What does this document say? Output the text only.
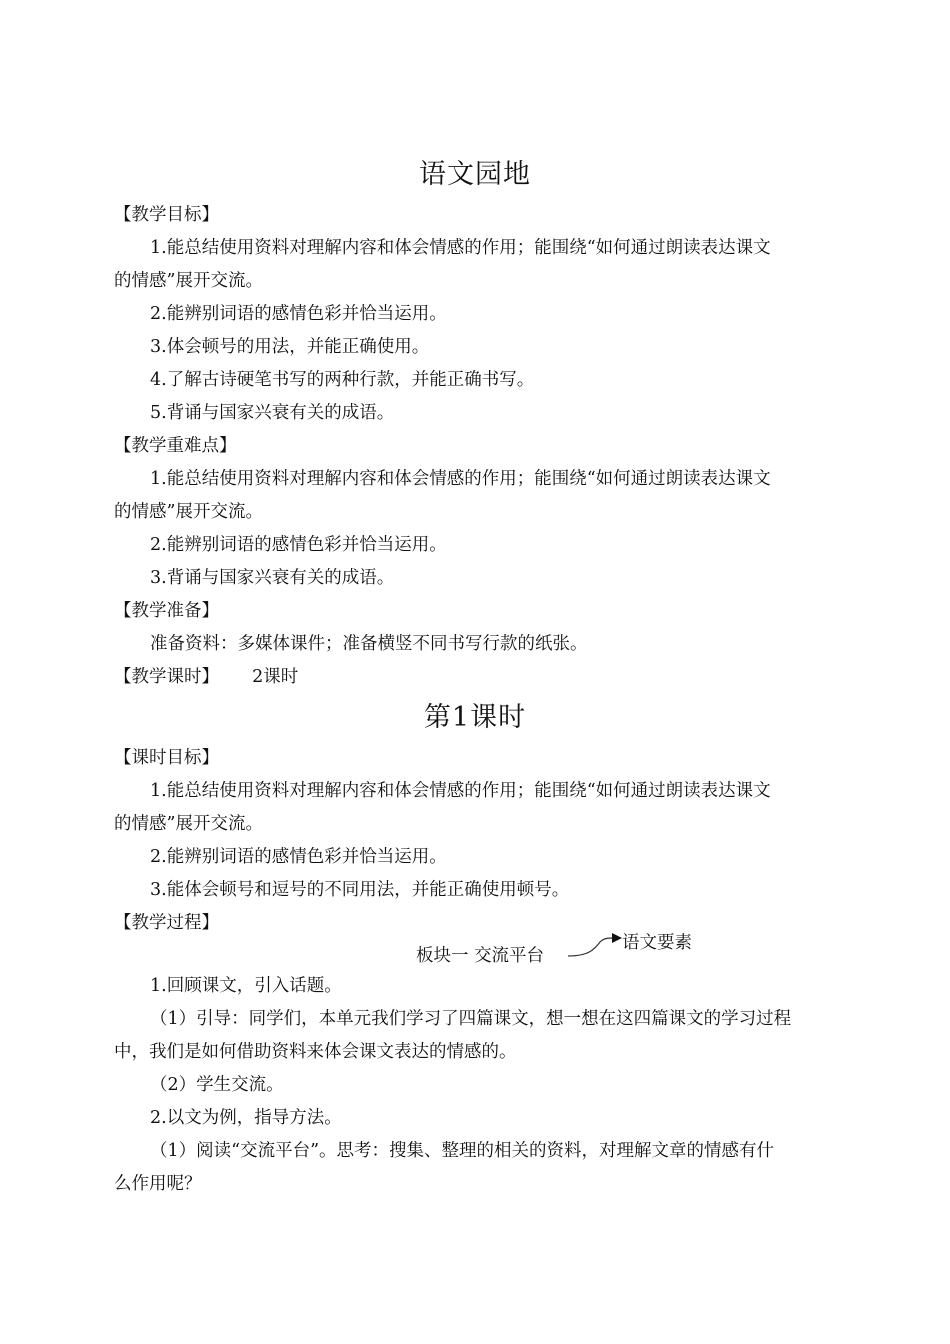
语文园地
【教学目标】
1.能总结使用资料对理解内容和体会情感的作用；能围绕“如何通过朗读表达课文
的情感”展开交流。
2.能辨别词语的感情色彩并恰当运用。
3.体会顿号的用法，并能正确使用。
4.了解古诗硬笔书写的两种行款，并能正确书写。
5.背诵与国家兴衰有关的成语。
【教学重难点】
1.能总结使用资料对理解内容和体会情感的作用；能围绕“如何通过朗读表达课文
的情感”展开交流。
2.能辨别词语的感情色彩并恰当运用。
3.背诵与国家兴衰有关的成语。
【教学准备】
准备资料：多媒体课件；准备横竖不同书写行款的纸张。
【教学课时】 2课时
第1课时
【课时目标】
1.能总结使用资料对理解内容和体会情感的作用；能围绕“如何通过朗读表达课文
的情感”展开交流。
2.能辨别词语的感情色彩并恰当运用。
3.能体会顿号和逗号的不同用法，并能正确使用顿号。
【教学过程】
板块一 交流平台
语文要素
1.回顾课文，引入话题。
（1）引导：同学们，本单元我们学习了四篇课文，想一想在这四篇课文的学习过程
中，我们是如何借助资料来体会课文表达的情感的。
（2）学生交流。
2.以文为例，指导方法。
（1）阅读“交流平台”。思考：搜集、整理的相关的资料，对理解文章的情感有什
么作用呢？
